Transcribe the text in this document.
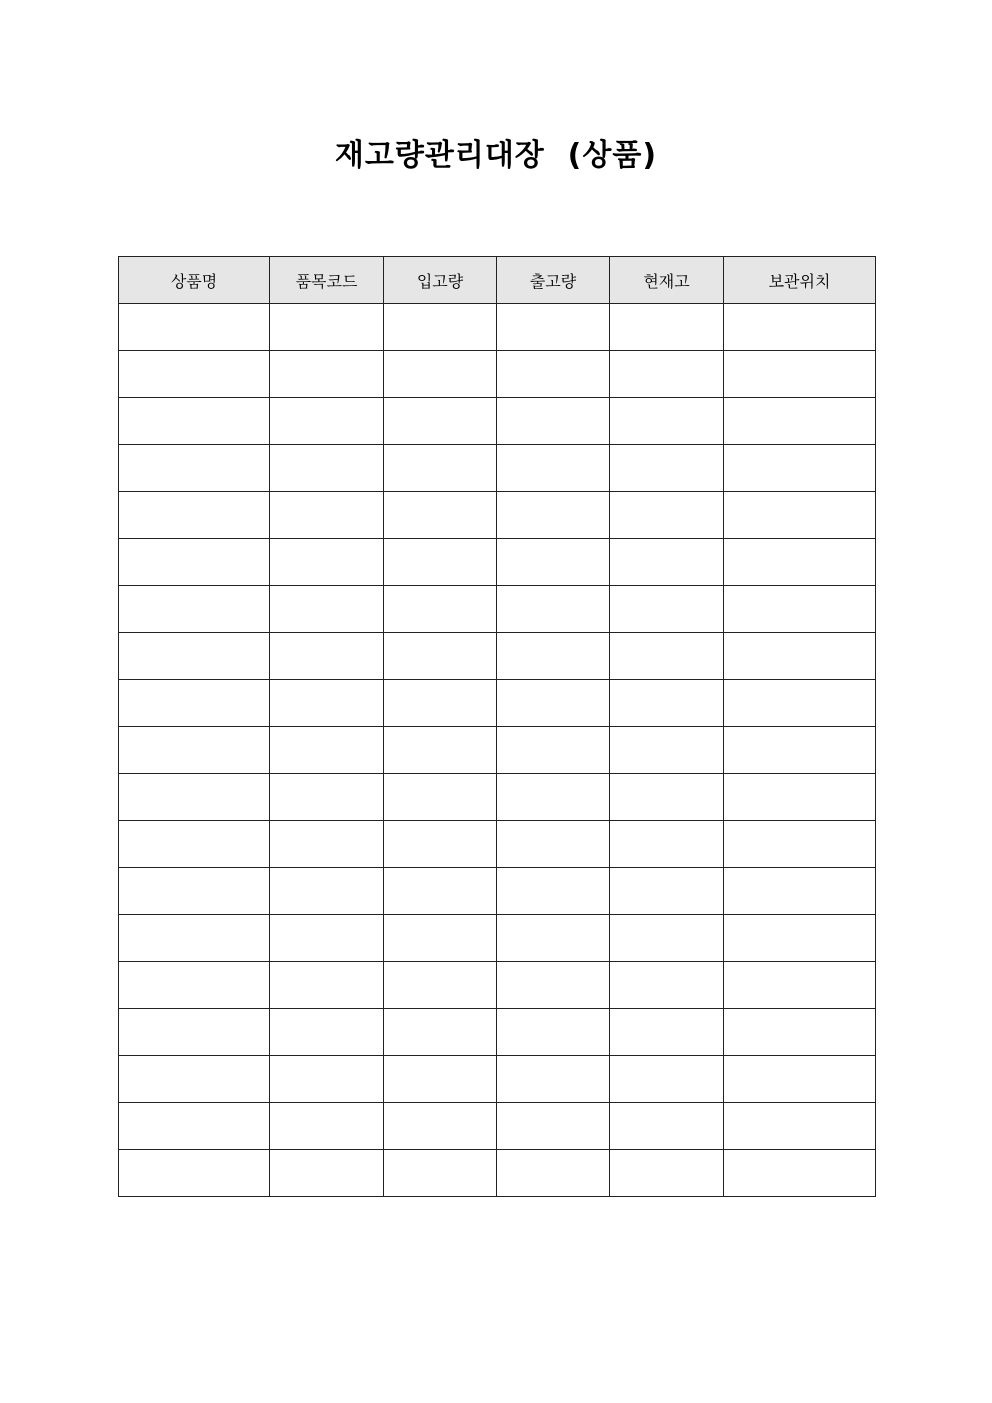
재고량관리대장  (상품)
상품명	품목코드	입고량	출고량	현재고	보관위치
